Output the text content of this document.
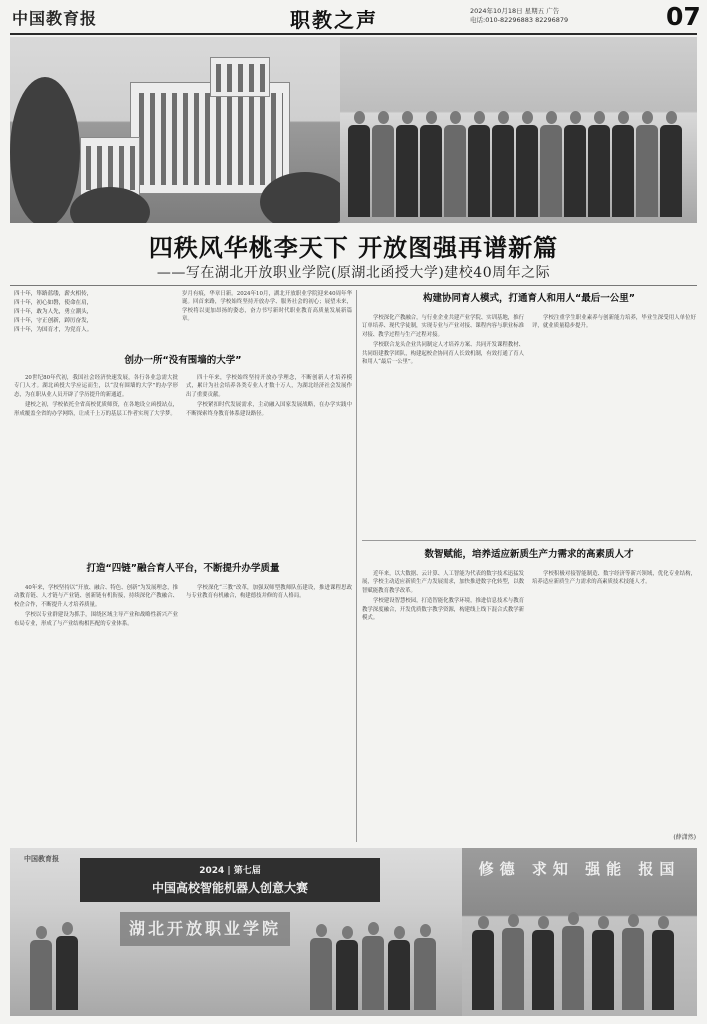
中国教育报	职教之声	2024年10月18日 星期五 广告
电话:010-82296883 82296879	07
四秩风华桃李天下 开放图强再谱新篇
——写在湖北开放职业学院(原湖北函授大学)建校40周年之际
四十年，筚路蓝缕，薪火相传，
四十年，初心如磐，使命在肩，
四十年，敢为人先，勇立潮头，
四十年，守正创新，踔厉奋发，
四十年，为国育才，为党育人。
岁月有痕，华章日新。2024年10月，湖北开放职业学院迎来40周年华诞。回首来路，学校始终坚持开放办学、服务社会的初心；展望未来，学校将以更加昂扬的姿态，奋力书写新时代职业教育高质量发展新篇章。
创办一所“没有围墙的大学”

20世纪80年代初，我国社会经济快速发展，各行各业急需大批专门人才。湖北函授大学应运而生，以“没有围墙的大学”的办学形态，为在职从业人员开辟了学历提升的新通道。

建校之初，学校依托全省高校优质师资，在各地设立函授站点，形成覆盖全省的办学网络，让成千上万的基层工作者实现了大学梦。

四十年来，学校始终坚持开放办学理念，不断创新人才培养模式，累计为社会培养各类专业人才数十万人，为湖北经济社会发展作出了重要贡献。

学校紧扣时代发展需求，主动融入国家发展战略，在办学实践中不断探索终身教育体系建设路径。

打造“四链”融合育人平台，不断提升办学质量

40年来，学校坚持以“开放、融合、特色、创新”为发展理念，推动教育链、人才链与产业链、创新链有机衔接，持续深化产教融合、校企合作，不断提升人才培养质量。

学校以专业群建设为抓手，围绕区域主导产业和战略性新兴产业布局专业，形成了与产业结构相匹配的专业体系。

学校深化“三教”改革，加强双师型教师队伍建设，推进课程思政与专业教育有机融合，构建德技并修的育人格局。

构建协同育人模式，打通育人和用人“最后一公里”

学校深化产教融合，与行业企业共建产业学院、实训基地，推行订单培养、现代学徒制，实现专业与产业对接、课程内容与职业标准对接、教学过程与生产过程对接。

学校联合龙头企业共同制定人才培养方案、共同开发课程教材、共同组建教学团队，构建起校企协同育人长效机制，有效打通了育人和用人“最后一公里”。

学校注重学生职业素养与创新能力培养，毕业生深受用人单位好评，就业质量稳步提升。

数智赋能，培养适应新质生产力需求的高素质人才

近年来，以大数据、云计算、人工智能为代表的数字技术迅猛发展，学校主动适应新质生产力发展需求，加快推进数字化转型，以数智赋能教育教学改革。

学校建设智慧校园，打造智能化教学环境，推进信息技术与教育教学深度融合，开发优质数字教学资源，构建线上线下混合式教学新模式。

学校积极对接智能制造、数字经济等新兴领域，优化专业结构，培养适应新质生产力需求的高素质技术技能人才。

(薛潇然)
中国教育报
2024 | 第七届
中国高校智能机器人创意大赛
湖北开放职业学院
修德 求知 强能 报国
